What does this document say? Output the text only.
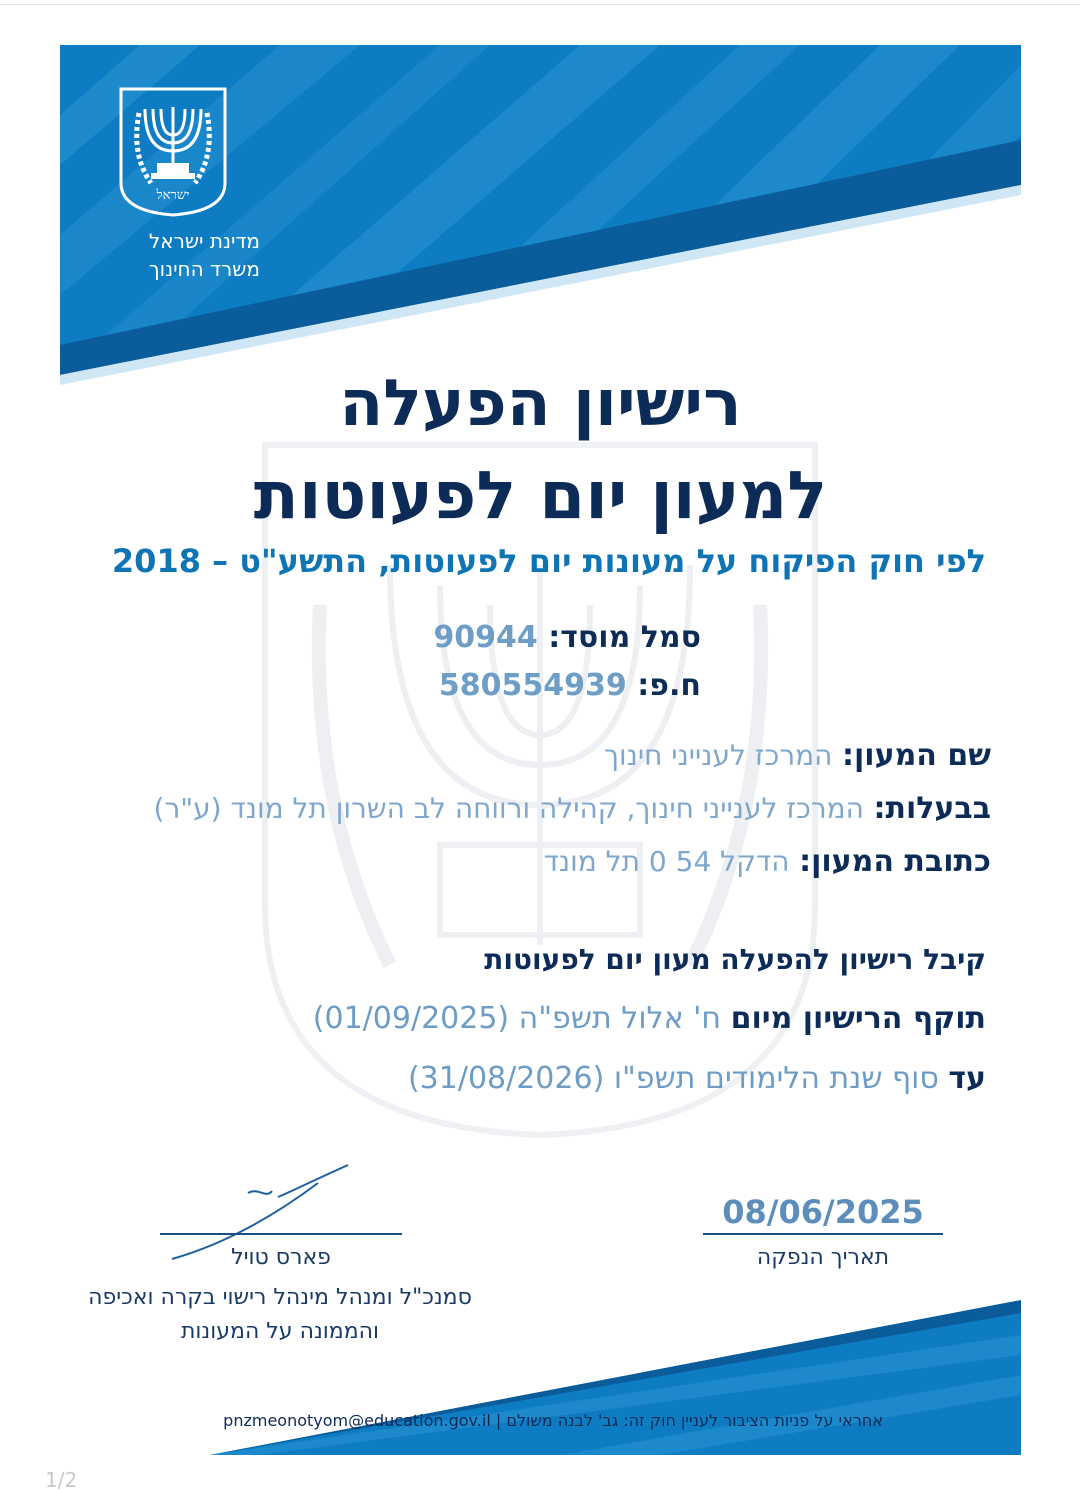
ישראל
מדינת ישראל
משרד החינוך
רישיון הפעלה
למעון יום לפעוטות
לפי חוק הפיקוח על מעונות יום לפעוטות, התשע"ט – 2018
סמל מוסד: 90944
ח.פ: 580554939
שם המעון: המרכז לענייני חינוך
בבעלות: המרכז לענייני חינוך, קהילה ורווחה לב השרון תל מונד (ע"ר)
כתובת המעון: הדקל 54 0 תל מונד
קיבל רישיון להפעלה מעון יום לפעוטות
תוקף הרישיון מיום ח' אלול תשפ"ה (01/09/2025)
עד סוף שנת הלימודים תשפ"ו (31/08/2026)
פארס טויל
סמנכ"ל ומנהל מינהל רישוי בקרה ואכיפה
והממונה על המעונות
08/06/2025
תאריך הנפקה
אחראי על פניות הציבור לעניין חוק זה: גב' לבנה משולם | pnzmeonotyom@education.gov.il
1/2
